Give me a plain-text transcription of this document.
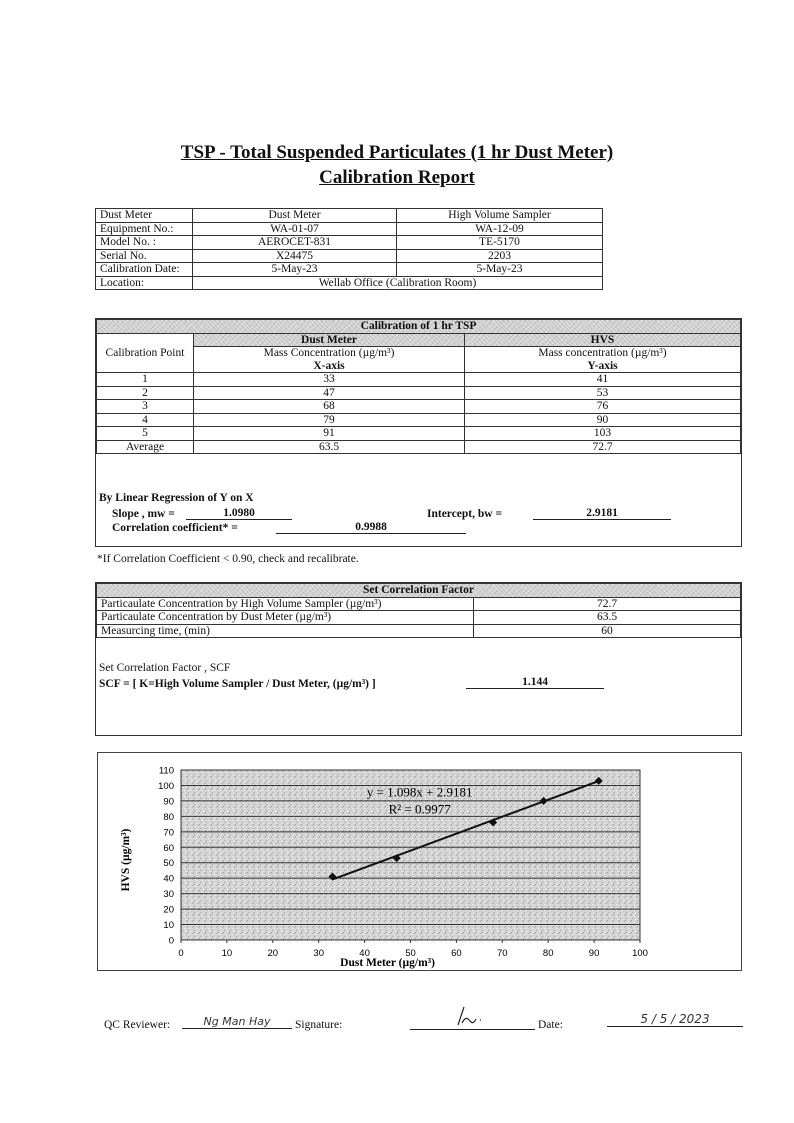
TSP - Total Suspended Particulates (1 hr Dust Meter)
Calibration Report
Dust Meter	Dust Meter	High Volume Sampler
Equipment No.:	WA-01-07	WA-12-09
Model No. :	AEROCET-831	TE-5170
Serial No.	X24475	2203
Calibration Date:	5-May-23	5-May-23
Location:	Wellab Office (Calibration Room)	
Calibration of 1 hr TSP		
Calibration Point	Dust Meter	HVS
	Mass Concentration (µg/m³)	Mass concentration (µg/m³)
	X-axis	Y-axis
1	33	41
2	47	53
3	68	76
4	79	90
5	91	103
Average	63.5	72.7
By Linear Regression of Y on X
Slope , mw =	1.0980	Intercept, bw =	2.9181
Correlation coefficient* =	0.9988
*If Correlation Coefficient < 0.90, check and recalibrate.
Set Correlation Factor	
Particaulate Concentration by High Volume Sampler (µg/m³)	72.7
Particaulate Concentration by Dust Meter (µg/m³)	63.5
Measurcing time, (min)	60
Set Correlation Factor , SCF
SCF = [ K=High Volume Sampler / Dust Meter, (µg/m³) ]	1.144
0
10
20
30
40
50
60
70
80
90
100
110
0	10	20	30	40	50	60	70	80	90	100
y = 1.098x + 2.9181
R² = 0.9977
Dust Meter (µg/m³)
HVS (µg/m³)
QC Reviewer:	Ng Man Hay	Signature:	Date:	5 / 5 / 2023
